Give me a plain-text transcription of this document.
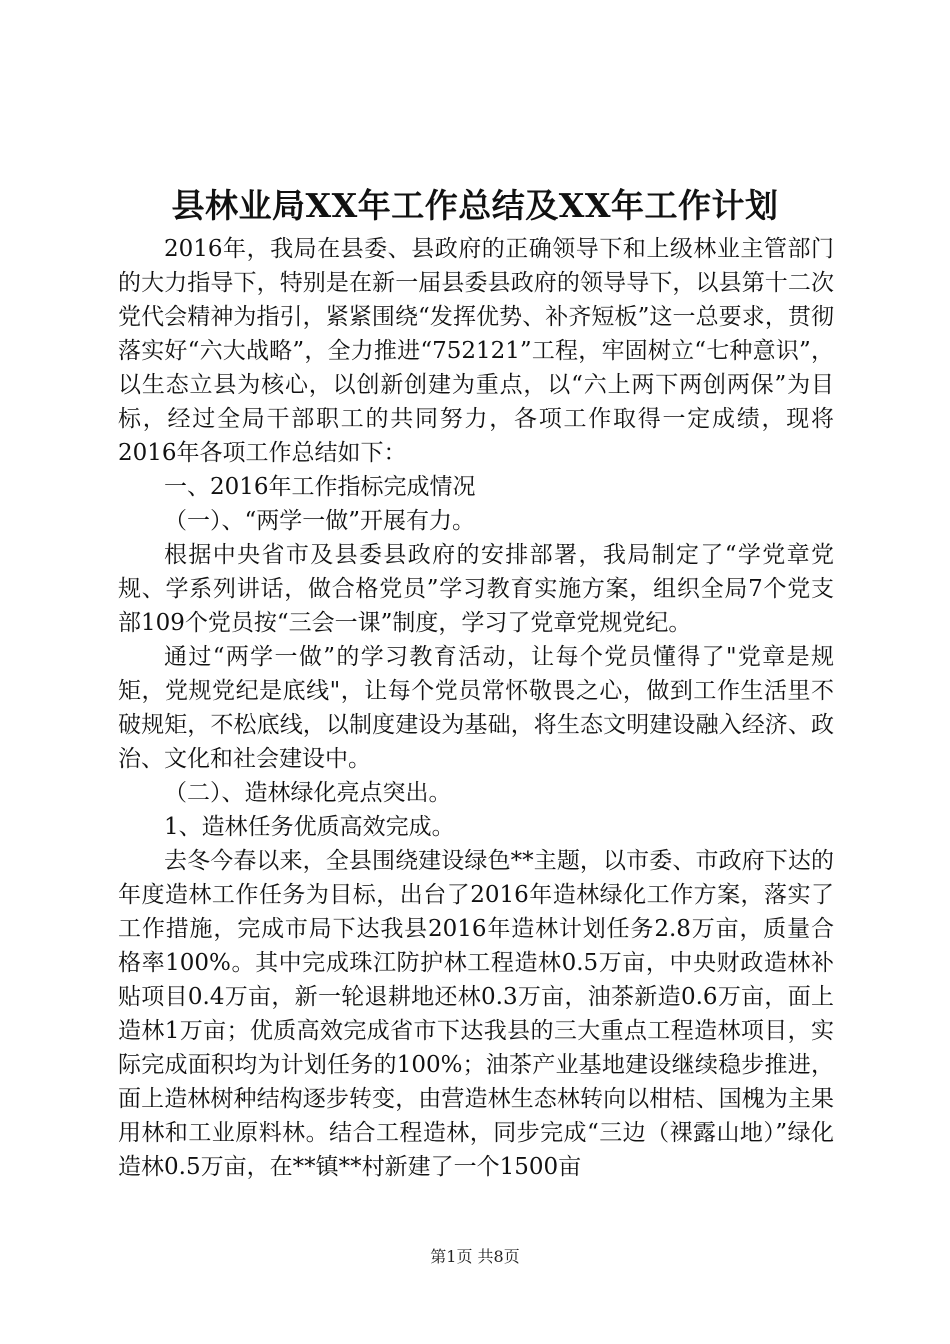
县林业局XX年工作总结及XX年工作计划

2016年，我局在县委、县政府的正确领导下和上级林业主管部门的大力指导下，特别是在新一届县委县政府的领导导下，以县第十二次党代会精神为指引，紧紧围绕“发挥优势、补齐短板”这一总要求，贯彻落实好“六大战略”，全力推进“752121”工程，牢固树立“七种意识”，以生态立县为核心，以创新创建为重点，以“六上两下两创两保”为目标，经过全局干部职工的共同努力，各项工作取得一定成绩，现将2016年各项工作总结如下：

一、2016年工作指标完成情况

（一）、“两学一做”开展有力。

根据中央省市及县委县政府的安排部署，我局制定了“学党章党规、学系列讲话，做合格党员”学习教育实施方案，组织全局7个党支部109个党员按“三会一课”制度，学习了党章党规党纪。

通过“两学一做”的学习教育活动，让每个党员懂得了"党章是规矩，党规党纪是底线"，让每个党员常怀敬畏之心，做到工作生活里不破规矩，不松底线，以制度建设为基础，将生态文明建设融入经济、政治、文化和社会建设中。

（二）、造林绿化亮点突出。

1、造林任务优质高效完成。

去冬今春以来，全县围绕建设绿色**主题，以市委、市政府下达的年度造林工作任务为目标，出台了2016年造林绿化工作方案，落实了工作措施，完成市局下达我县2016年造林计划任务2.8万亩，质量合格率100%。其中完成珠江防护林工程造林0.5万亩，中央财政造林补贴项目0.4万亩，新一轮退耕地还林0.3万亩，油茶新造0.6万亩，面上造林1万亩；优质高效完成省市下达我县的三大重点工程造林项目，实际完成面积均为计划任务的100%；油茶产业基地建设继续稳步推进，面上造林树种结构逐步转变，由营造林生态林转向以柑桔、国槐为主果用林和工业原料林。结合工程造林，同步完成“三边（裸露山地）”绿化造林0.5万亩，在**镇**村新建了一个1500亩

第1页 共8页
